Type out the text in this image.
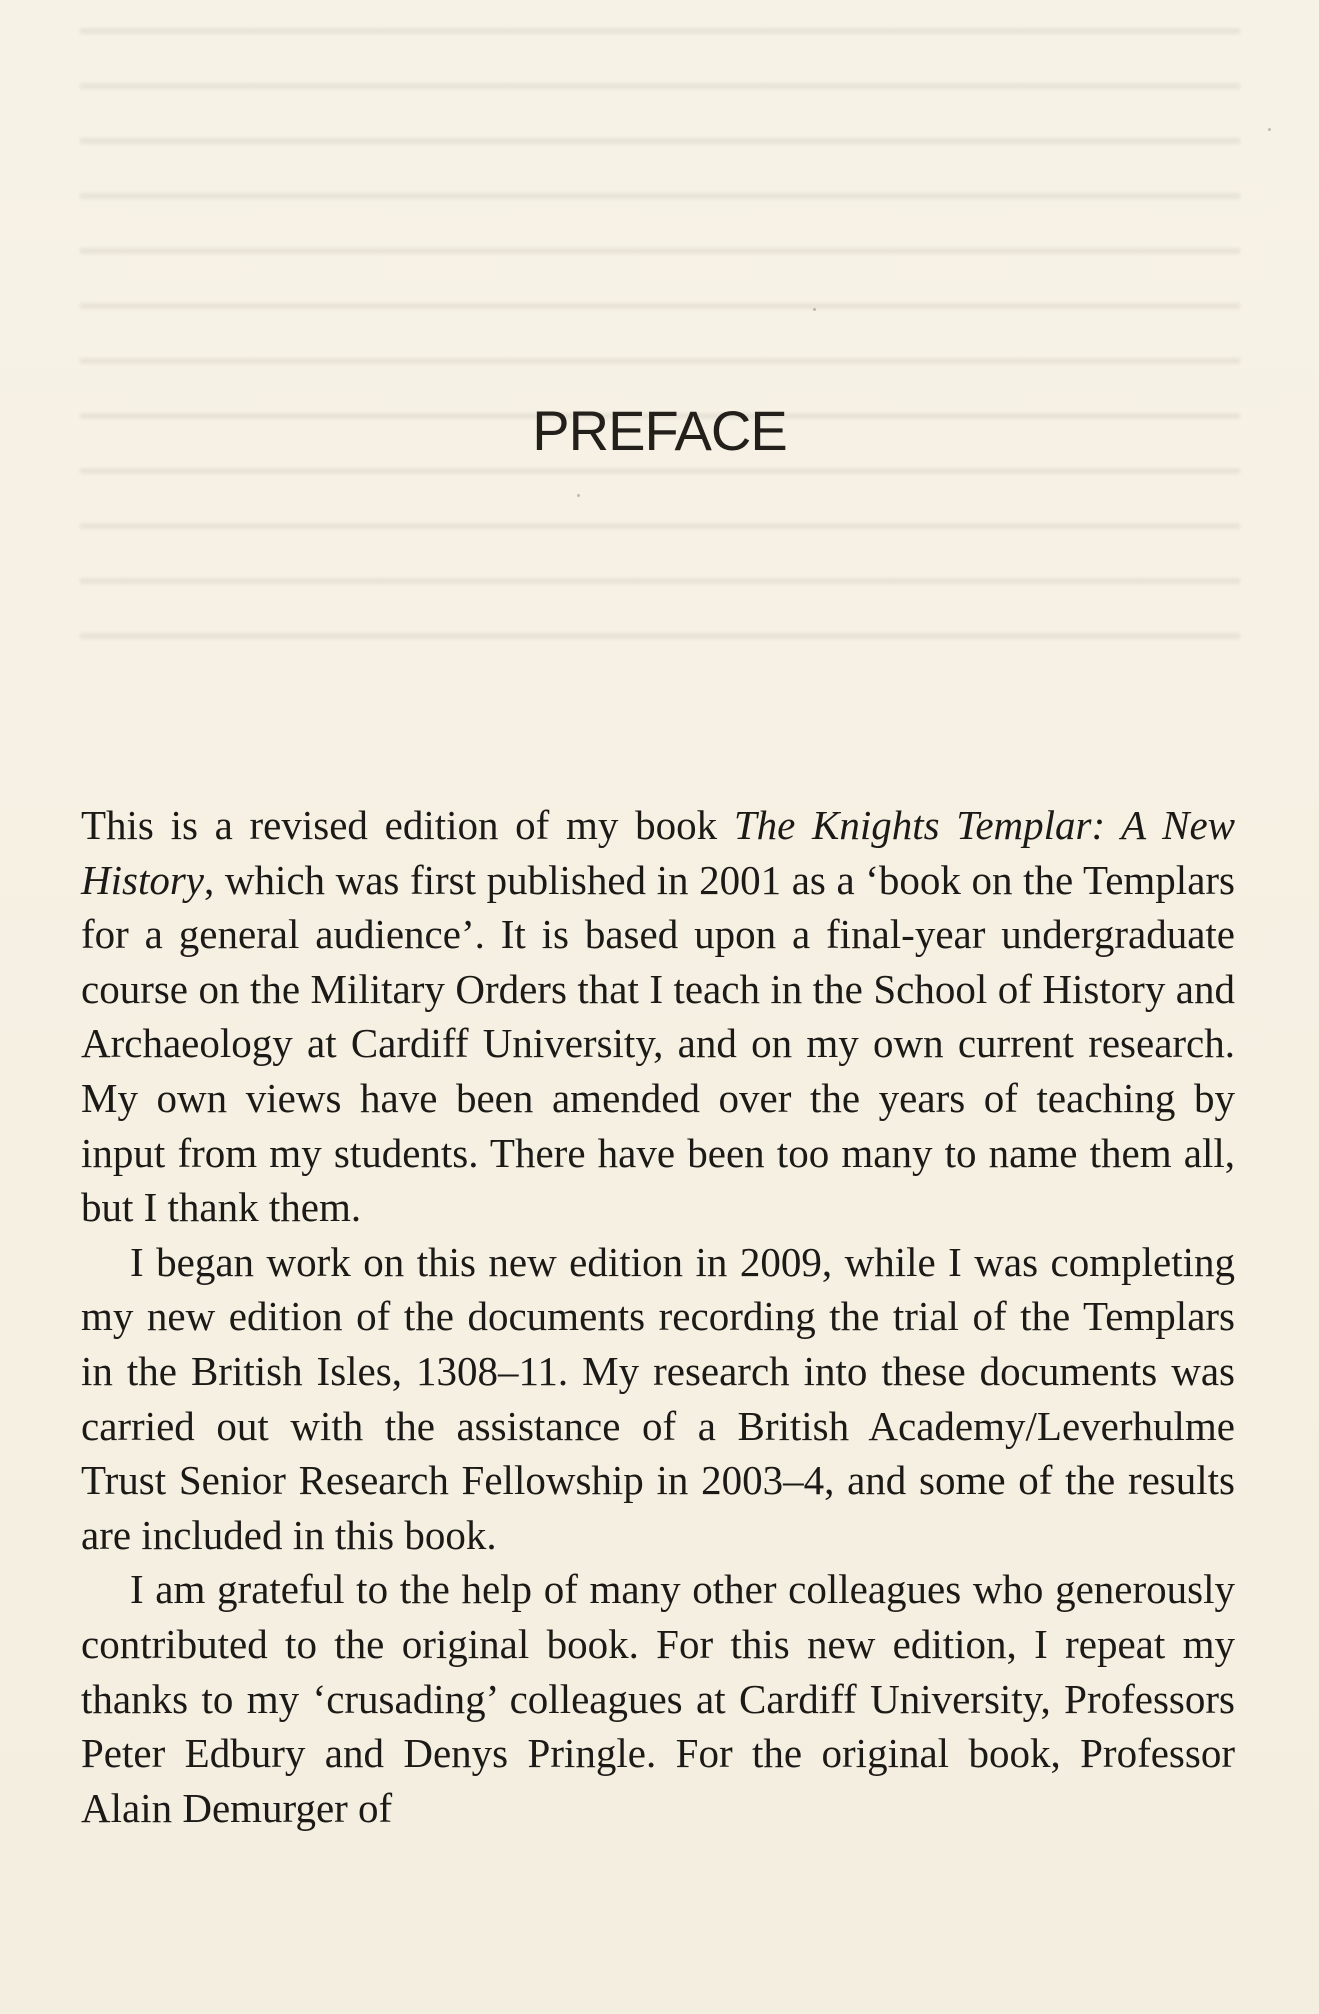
PREFACE

This is a revised edition of my book The Knights Templar: A New History, which was first published in 2001 as a ‘book on the Templars for a general audience’. It is based upon a final-year undergraduate course on the Military Orders that I teach in the School of History and Archaeology at Cardiff University, and on my own current research. My own views have been amended over the years of teaching by input from my students. There have been too many to name them all, but I thank them.

I began work on this new edition in 2009, while I was completing my new edition of the documents recording the trial of the Templars in the British Isles, 1308–11. My research into these documents was carried out with the assistance of a British Academy/Leverhulme Trust Senior Research Fellowship in 2003–4, and some of the results are included in this book.

I am grateful to the help of many other colleagues who generously contributed to the original book. For this new edition, I repeat my thanks to my ‘crusading’ colleagues at Cardiff University, Professors Peter Edbury and Denys Pringle. For the original book, Professor Alain Demurger of
